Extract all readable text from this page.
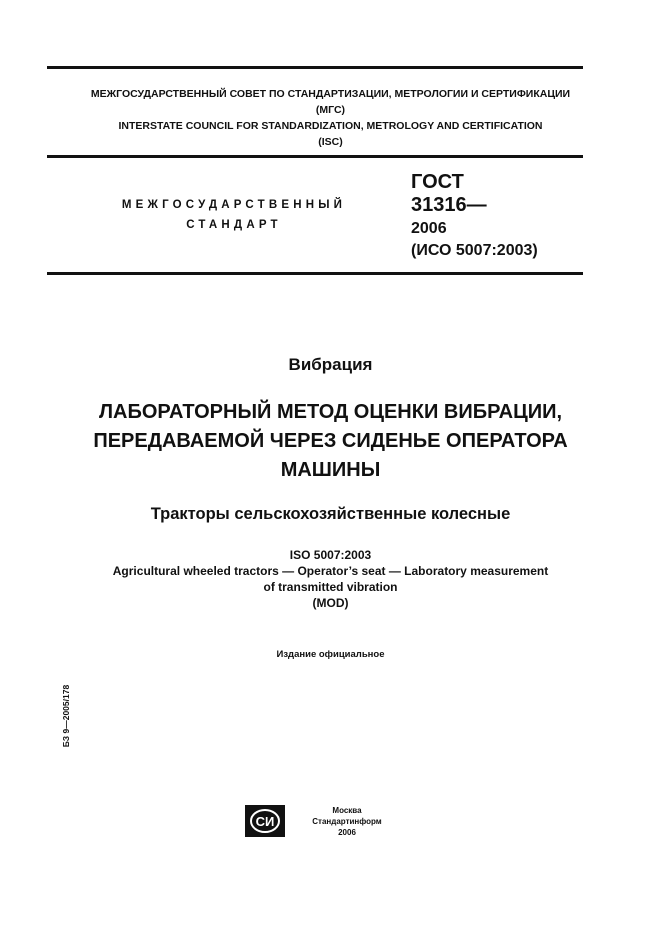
МЕЖГОСУДАРСТВЕННЫЙ СОВЕТ ПО СТАНДАРТИЗАЦИИ, МЕТРОЛОГИИ И СЕРТИФИКАЦИИ
(МГС)
INTERSTATE COUNCIL FOR STANDARDIZATION, METROLOGY AND CERTIFICATION
(ISC)
МЕЖГОСУДАРСТВЕННЫЙ
СТАНДАРТ
ГОСТ
31316—
2006
(ИСО 5007:2003)
Вибрация
ЛАБОРАТОРНЫЙ МЕТОД ОЦЕНКИ ВИБРАЦИИ,
ПЕРЕДАВАЕМОЙ ЧЕРЕЗ СИДЕНЬЕ ОПЕРАТОРА
МАШИНЫ
Тракторы сельскохозяйственные колесные
ISO 5007:2003
Agricultural wheeled tractors — Operator’s seat — Laboratory measurement
of transmitted vibration
(MOD)
Издание официальное
БЗ 9—2005/178
СИ
Москва
Стандартинформ
2006
